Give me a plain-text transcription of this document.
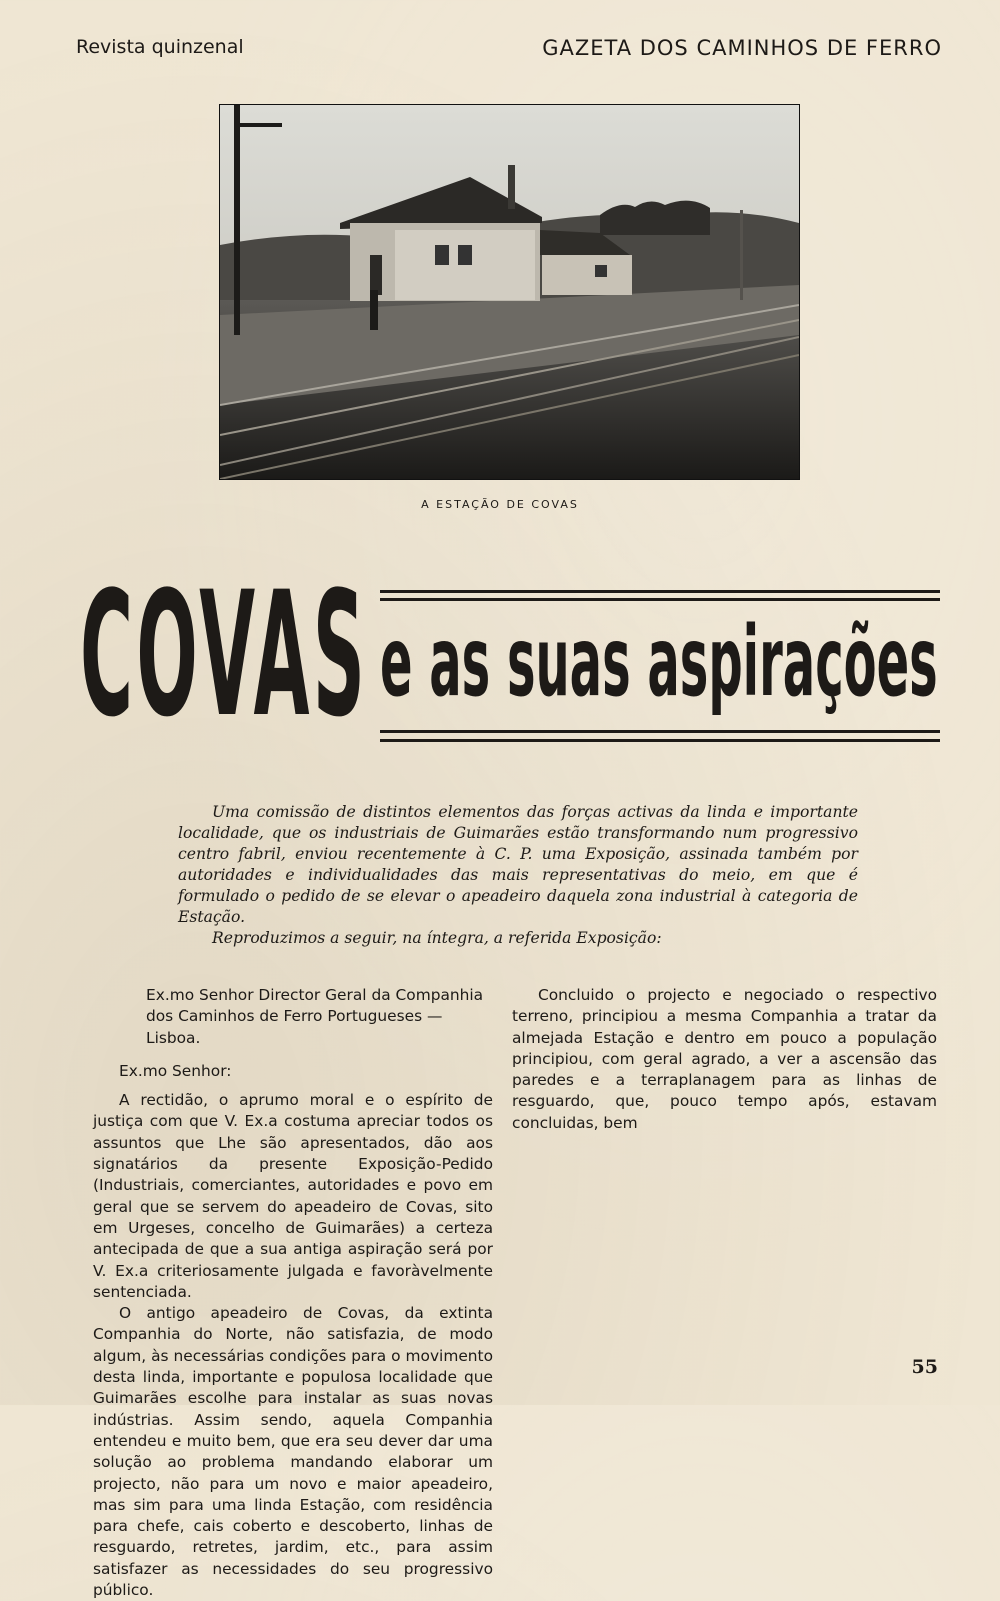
Revista quinzenal	GAZETA DOS CAMINHOS DE FERRO
A ESTAÇÃO DE COVAS
COVAS e as suas aspirações

Uma comissão de distintos elementos das forças activas da linda e importante localidade, que os industriais de Guimarães estão transformando num progressivo centro fabril, enviou recentemente à C. P. uma Exposição, assinada também por autoridades e individualidades das mais representativas do meio, em que é formulado o pedido de se elevar o apeadeiro daquela zona industrial à categoria de Estação.

Reproduzimos a seguir, na íntegra, a referida Exposição:

Ex.mo Senhor Director Geral da Companhia dos Caminhos de Ferro Portugueses — Lisboa.

Ex.mo Senhor:

A rectidão, o aprumo moral e o espírito de justiça com que V. Ex.a costuma apreciar todos os assuntos que Lhe são apresentados, dão aos signatários da presente Exposição-Pedido (Industriais, comerciantes, autoridades e povo em geral que se servem do apeadeiro de Covas, sito em Urgeses, concelho de Guimarães) a certeza antecipada de que a sua antiga aspiração será por V. Ex.a criteriosamente julgada e favoràvelmente sentenciada.

O antigo apeadeiro de Covas, da extinta Companhia do Norte, não satisfazia, de modo algum, às necessárias condições para o movimento desta linda, importante e populosa localidade que Guimarães escolhe para instalar as suas novas indústrias. Assim sendo, aquela Companhia entendeu e muito bem, que era seu dever dar uma solução ao problema mandando elaborar um projecto, não para um novo e maior apeadeiro, mas sim para uma linda Estação, com residência para chefe, cais coberto e descoberto, linhas de resguardo, retretes, jardim, etc., para assim satisfazer as necessidades do seu progressivo público.

Concluido o projecto e negociado o respectivo terreno, principiou a mesma Companhia a tratar da almejada Estação e dentro em pouco a população principiou, com geral agrado, a ver a ascensão das paredes e a terraplanagem para as linhas de resguardo, que, pouco tempo após, estavam concluidas, bem

55
